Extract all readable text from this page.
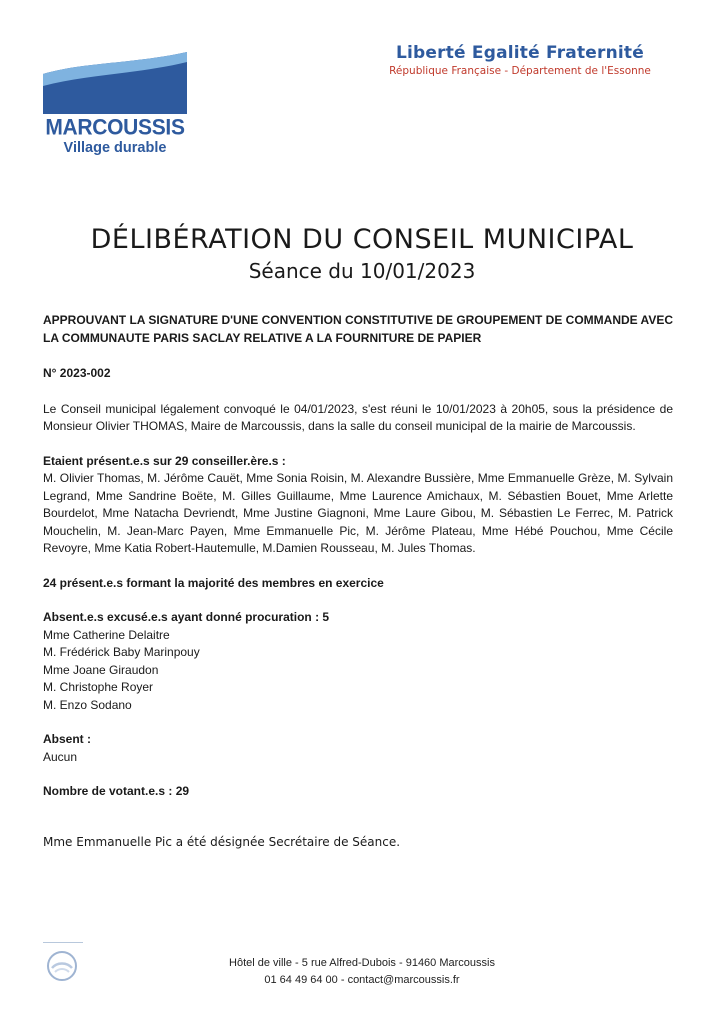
MARCOUSSIS
Village durable
Liberté Egalité Fraternité
République Française - Département de l'Essonne
DÉLIBÉRATION DU CONSEIL MUNICIPAL
Séance du 10/01/2023

APPROUVANT LA SIGNATURE D'UNE CONVENTION CONSTITUTIVE DE GROUPEMENT DE COMMANDE AVEC LA COMMUNAUTE PARIS SACLAY RELATIVE A LA FOURNITURE DE PAPIER

N° 2023-002

Le Conseil municipal légalement convoqué le 04/01/2023, s'est réuni le 10/01/2023 à 20h05, sous la présidence de Monsieur Olivier THOMAS, Maire de Marcoussis, dans la salle du conseil municipal de la mairie de Marcoussis.

Etaient présent.e.s sur 29 conseiller.ère.s :

M. Olivier Thomas, M. Jérôme Cauët, Mme Sonia Roisin, M. Alexandre Bussière, Mme Emmanuelle Grèze, M. Sylvain Legrand, Mme Sandrine Boëte, M. Gilles Guillaume, Mme Laurence Amichaux, M. Sébastien Bouet, Mme Arlette Bourdelot, Mme Natacha Devriendt, Mme Justine Giagnoni, Mme Laure Gibou, M. Sébastien Le Ferrec, M. Patrick Mouchelin, M. Jean-Marc Payen, Mme Emmanuelle Pic, M. Jérôme Plateau, Mme Hébé Pouchou, Mme Cécile Revoyre, Mme Katia Robert-Hautemulle, M.Damien Rousseau, M. Jules Thomas.

24 présent.e.s formant la majorité des membres en exercice

Absent.e.s excusé.e.s ayant donné procuration : 5

Mme Catherine Delaitre

M. Frédérick Baby Marinpouy

Mme Joane Giraudon

M. Christophe Royer

M. Enzo Sodano

Absent :

Aucun

Nombre de votant.e.s : 29

Mme Emmanuelle Pic a été désignée Secrétaire de Séance.
Hôtel de ville - 5 rue Alfred-Dubois - 91460 Marcoussis
01 64 49 64 00 - contact@marcoussis.fr
